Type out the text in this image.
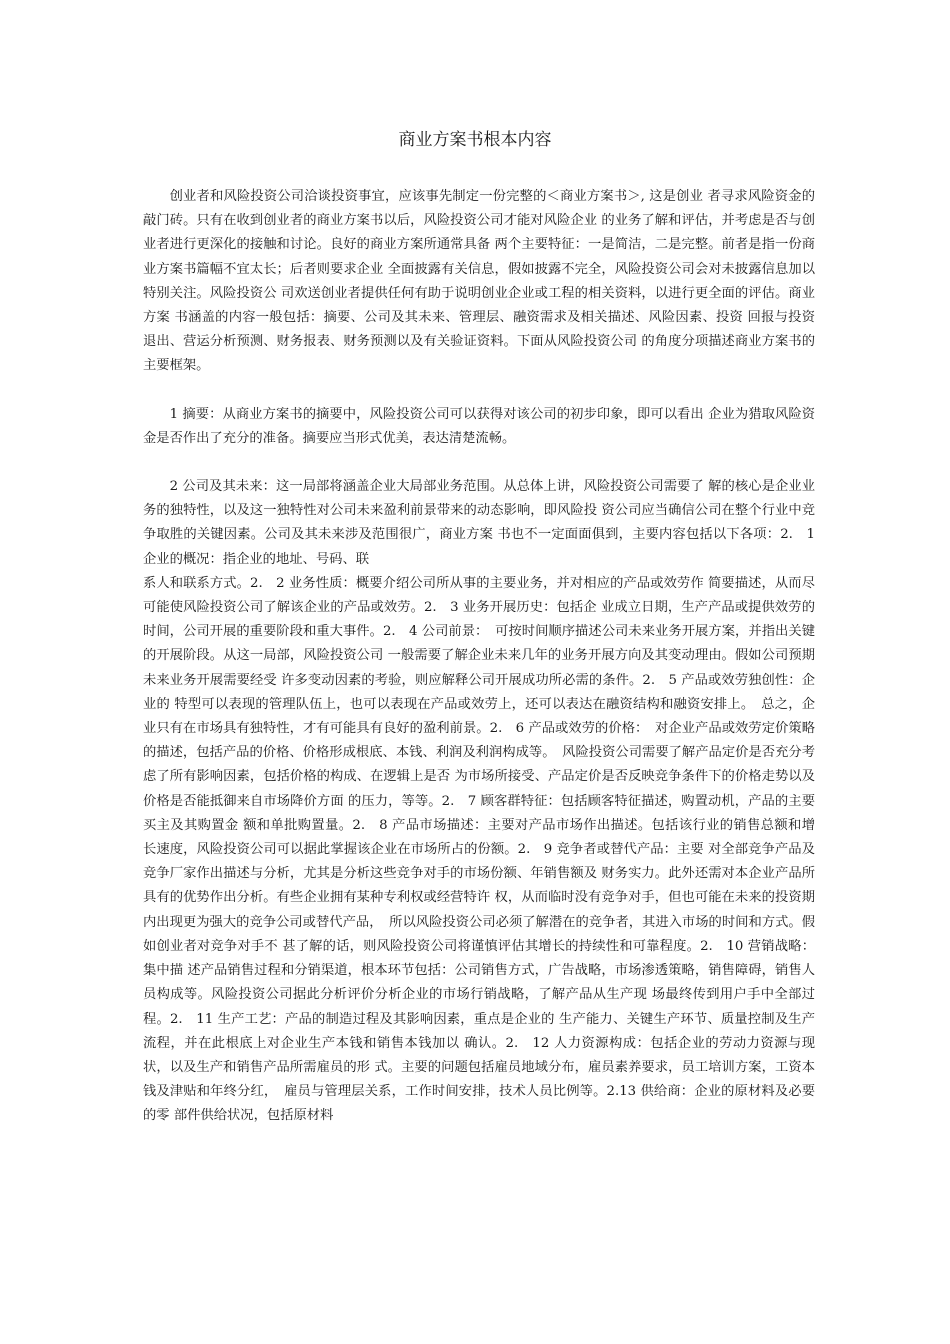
商业方案书根本内容

创业者和风险投资公司洽谈投资事宜，应该事先制定一份完整的＜商业方案书＞, 这是创业 者寻求风险资金的敲门砖。只有在收到创业者的商业方案书以后，风险投资公司才能对风险企业 的业务了解和评估，并考虑是否与创业者进行更深化的接触和讨论。良好的商业方案所通常具备 两个主要特征：一是简洁，二是完整。前者是指一份商业方案书篇幅不宜太长；后者则要求企业 全面披露有关信息，假如披露不完全，风险投资公司会对未披露信息加以特别关注。风险投资公 司欢送创业者提供任何有助于说明创业企业或工程的相关资料，以进行更全面的评估。商业方案 书涵盖的内容一般包括：摘要、公司及其未来、管理层、融资需求及相关描述、风险因素、投资 回报与投资退出、营运分析预测、财务报表、财务预测以及有关验证资料。下面从风险投资公司 的角度分项描述商业方案书的主要框架。

1 摘要：从商业方案书的摘要中，风险投资公司可以获得对该公司的初步印象，即可以看出 企业为猎取风险资金是否作出了充分的准备。摘要应当形式优美，表达清楚流畅。

2 公司及其未来：这一局部将涵盖企业大局部业务范围。从总体上讲，风险投资公司需要了 解的核心是企业业务的独特性，以及这一独特性对公司未来盈利前景带来的动态影响，即风险投 资公司应当确信公司在整个行业中竞争取胜的关键因素。公司及其未来涉及范围很广，商业方案 书也不一定面面俱到，主要内容包括以下各项：2.　1 企业的概况：指企业的地址、号码、联

系人和联系方式。2.　2 业务性质：概要介绍公司所从事的主要业务，并对相应的产品或效劳作 简要描述，从而尽可能使风险投资公司了解该企业的产品或效劳。2.　3 业务开展历史：包括企 业成立日期，生产产品或提供效劳的时间，公司开展的重要阶段和重大事件。2.　4 公司前景：　可按时间顺序描述公司未来业务开展方案，并指出关键的开展阶段。从这一局部，风险投资公司 一般需要了解企业未来几年的业务开展方向及其变动理由。假如公司预期未来业务开展需要经受 许多变动因素的考验，则应解释公司开展成功所必需的条件。2.　5 产品或效劳独创性：企业的 特型可以表现的管理队伍上，也可以表现在产品或效劳上，还可以表达在融资结构和融资安排上。　总之，企业只有在市场具有独特性，才有可能具有良好的盈利前景。2.　6 产品或效劳的价格：　对企业产品或效劳定价策略的描述，包括产品的价格、价格形成根底、本钱、利润及利润构成等。　风险投资公司需要了解产品定价是否充分考虑了所有影响因素，包括价格的构成、在逻辑上是否 为市场所接受、产品定价是否反映竞争条件下的价格走势以及价格是否能抵御来自市场降价方面 的压力，等等。2.　7 顾客群特征：包括顾客特征描述，购置动机，产品的主要买主及其购置金 额和单批购置量。2.　8 产品市场描述：主要对产品市场作出描述。包括该行业的销售总额和增 长速度，风险投资公司可以据此掌握该企业在市场所占的份额。2.　9 竞争者或替代产品：主要 对全部竞争产品及竞争厂家作出描述与分析，尤其是分析这些竞争对手的市场份额、年销售额及 财务实力。此外还需对本企业产品所具有的优势作出分析。有些企业拥有某种专利权或经营特许 权，从而临时没有竞争对手，但也可能在未来的投资期内出现更为强大的竞争公司或替代产品，　所以风险投资公司必须了解潜在的竞争者，其进入市场的时间和方式。假如创业者对竞争对手不 甚了解的话，则风险投资公司将谨慎评估其增长的持续性和可靠程度。2.　10 营销战略：集中描 述产品销售过程和分销渠道，根本环节包括：公司销售方式，广告战略，市场渗透策略，销售障碍，销售人员构成等。风险投资公司据此分析评价分析企业的市场行销战略，了解产品从生产现 场最终传到用户手中全部过程。2.　11 生产工艺：产品的制造过程及其影响因素，重点是企业的 生产能力、关键生产环节、质量控制及生产流程，并在此根底上对企业生产本钱和销售本钱加以 确认。2.　12 人力资源构成：包括企业的劳动力资源与现状，以及生产和销售产品所需雇员的形 式。主要的问题包括雇员地域分布，雇员素养要求，员工培训方案，工资本钱及津贴和年终分红，　雇员与管理层关系，工作时间安排，技术人员比例等。2.13 供给商：企业的原材料及必要的零 部件供给状况，包括原材料
